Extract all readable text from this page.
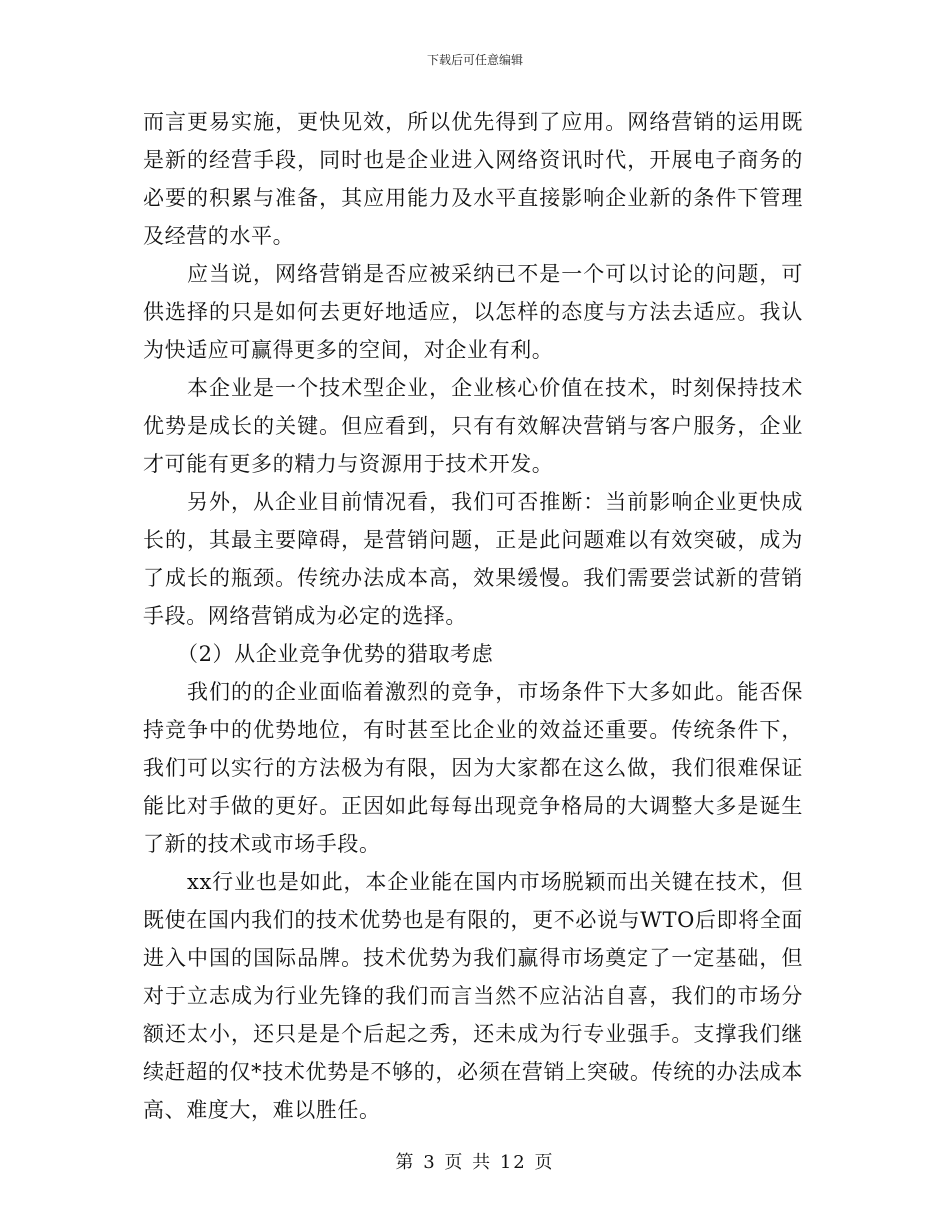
下载后可任意编辑

而言更易实施，更快见效，所以优先得到了应用。网络营销的运用既是新的经营手段，同时也是企业进入网络资讯时代，开展电子商务的必要的积累与准备，其应用能力及水平直接影响企业新的条件下管理及经营的水平。

应当说，网络营销是否应被采纳已不是一个可以讨论的问题，可供选择的只是如何去更好地适应，以怎样的态度与方法去适应。我认为快适应可赢得更多的空间，对企业有利。

本企业是一个技术型企业，企业核心价值在技术，时刻保持技术优势是成长的关键。但应看到，只有有效解决营销与客户服务，企业才可能有更多的精力与资源用于技术开发。

另外，从企业目前情况看，我们可否推断：当前影响企业更快成长的，其最主要障碍，是营销问题，正是此问题难以有效突破，成为了成长的瓶颈。传统办法成本高，效果缓慢。我们需要尝试新的营销手段。网络营销成为必定的选择。

（2）从企业竞争优势的猎取考虑

我们的的企业面临着激烈的竞争，市场条件下大多如此。能否保持竞争中的优势地位，有时甚至比企业的效益还重要。传统条件下，我们可以实行的方法极为有限，因为大家都在这么做，我们很难保证能比对手做的更好。正因如此每每出现竞争格局的大调整大多是诞生了新的技术或市场手段。

xx行业也是如此，本企业能在国内市场脱颖而出关键在技术，但既使在国内我们的技术优势也是有限的，更不必说与WTO后即将全面进入中国的国际品牌。技术优势为我们赢得市场奠定了一定基础，但对于立志成为行业先锋的我们而言当然不应沾沾自喜，我们的市场分额还太小，还只是是个后起之秀，还未成为行专业强手。支撑我们继续赶超的仅*技术优势是不够的，必须在营销上突破。传统的办法成本高、难度大，难以胜任。

第 3 页 共 12 页
